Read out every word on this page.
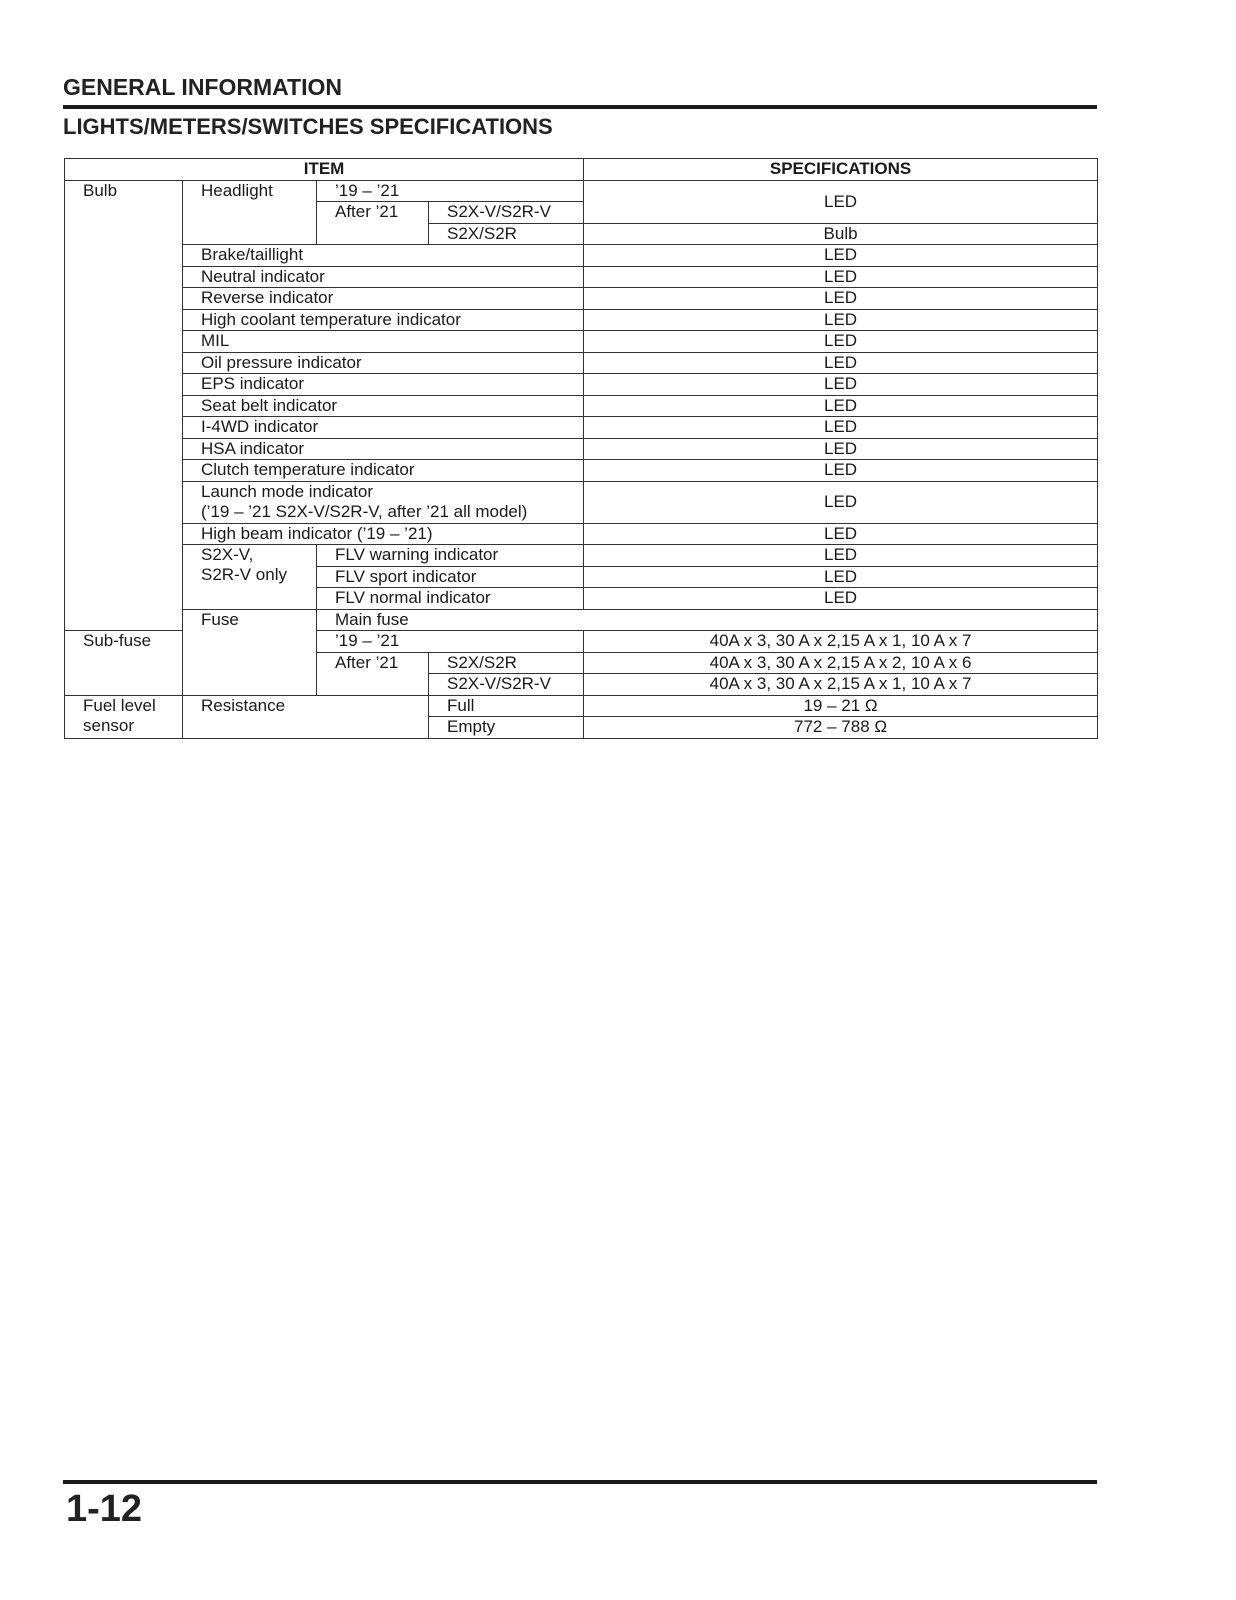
GENERAL INFORMATION
LIGHTS/METERS/SWITCHES SPECIFICATIONS
ITEM				SPECIFICATIONS	
Bulb	Headlight	’19 – ’21		LED	
		After ’21	S2X-V/S2R-V		
			S2X/S2R	Bulb	
	Brake/taillight			LED	
	Neutral indicator			LED	
	Reverse indicator			LED	
	High coolant temperature indicator			LED	
	MIL			LED	
	Oil pressure indicator			LED	
	EPS indicator			LED	
	Seat belt indicator			LED	
	I-4WD indicator			LED	
	HSA indicator			LED	
	Clutch temperature indicator			LED	

	Launch mode indicator
(’19 – ’21 S2X-V/S2R-V, after ’21 all model)			LED	
	High beam indicator (’19 – ’21)			LED	

	S2X-V,
S2R-V only	FLV warning indicator		LED	
		FLV sport indicator		LED	
		FLV normal indicator		LED	
	Fuse	Main fuse	
Sub-fuse		’19 – ’21		40A x 3, 30 A x 2,15 A x 1, 10 A x 7	
		After ’21	S2X/S2R	40A x 3, 30 A x 2,15 A x 2, 10 A x 6	
			S2X-V/S2R-V	40A x 3, 30 A x 2,15 A x 1, 10 A x 7	

Fuel level
sensor	Resistance		Full	19 – 21 Ω	
			Empty	772 – 788 Ω	
1-12
